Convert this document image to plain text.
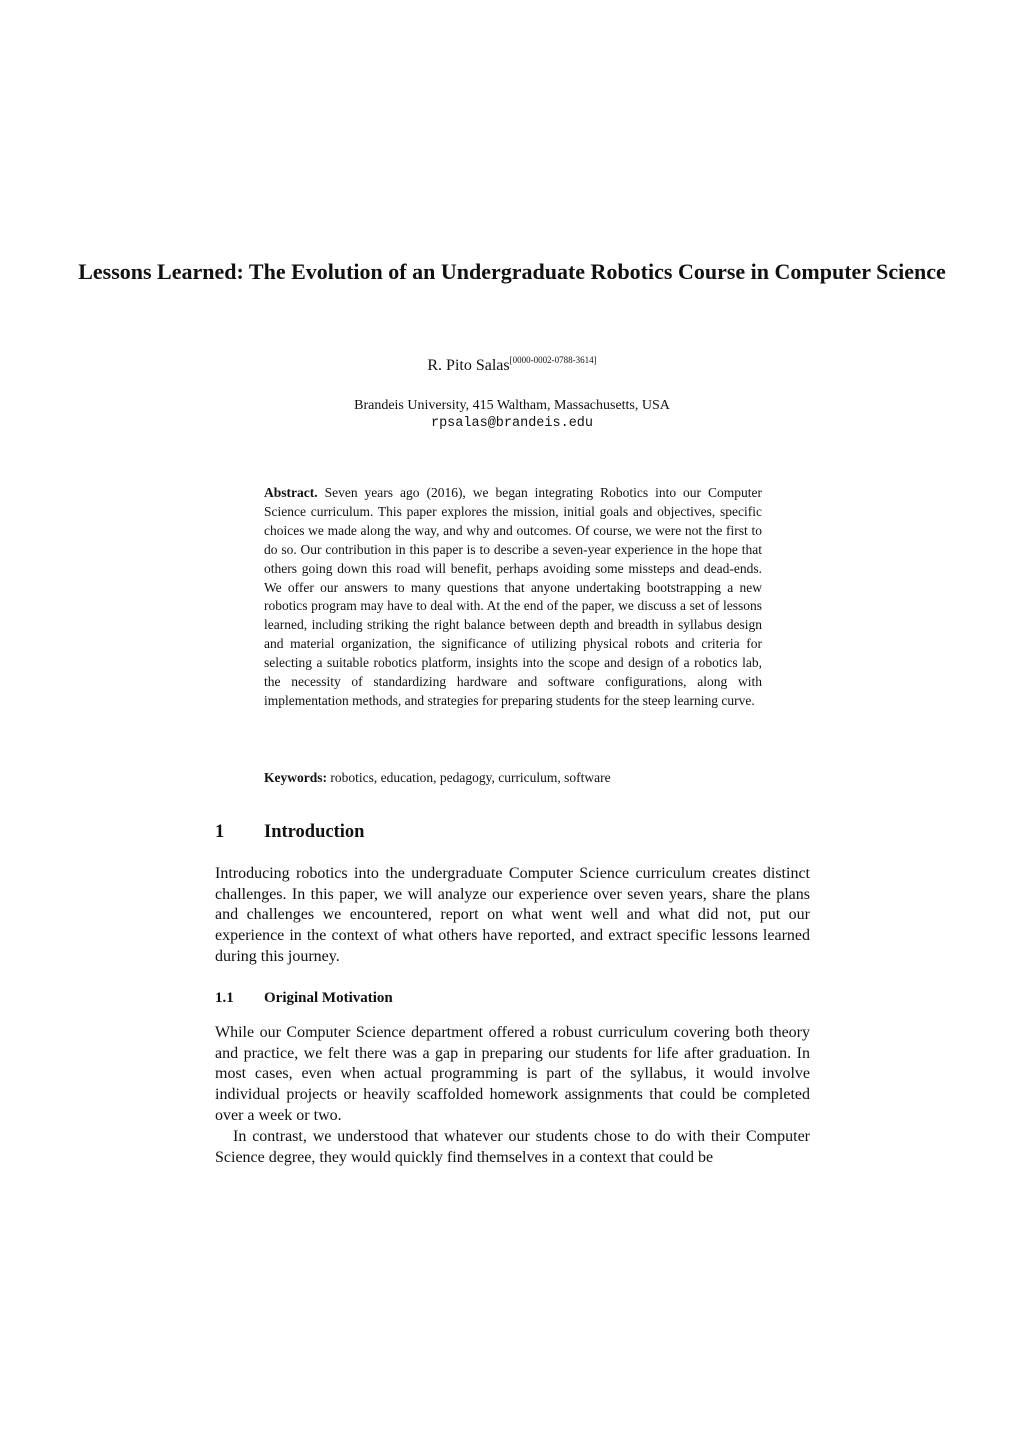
Lessons Learned: The Evolution of an Undergraduate Robotics Course in Computer Science
R. Pito Salas[0000-0002-0788-3614]
Brandeis University, 415 Waltham, Massachusetts, USA
rpsalas@brandeis.edu

Abstract. Seven years ago (2016), we began integrating Robotics into our Computer Science curriculum. This paper explores the mission, initial goals and objectives, specific choices we made along the way, and why and outcomes. Of course, we were not the first to do so. Our contribution in this paper is to describe a seven-year experience in the hope that others going down this road will benefit, perhaps avoiding some missteps and dead-ends. We offer our answers to many questions that anyone undertaking bootstrapping a new robotics program may have to deal with. At the end of the paper, we discuss a set of lessons learned, including striking the right balance between depth and breadth in syllabus design and material organization, the significance of utilizing physical robots and criteria for selecting a suitable robotics platform, insights into the scope and design of a robotics lab, the necessity of standardizing hardware and software configurations, along with implementation methods, and strategies for preparing students for the steep learning curve.

Keywords: robotics, education, pedagogy, curriculum, software

1 Introduction

Introducing robotics into the undergraduate Computer Science curriculum creates distinct challenges. In this paper, we will analyze our experience over seven years, share the plans and challenges we encountered, report on what went well and what did not, put our experience in the context of what others have reported, and extract specific lessons learned during this journey.

1.1 Original Motivation

While our Computer Science department offered a robust curriculum covering both theory and practice, we felt there was a gap in preparing our students for life after graduation. In most cases, even when actual programming is part of the syllabus, it would involve individual projects or heavily scaffolded homework assignments that could be completed over a week or two.

In contrast, we understood that whatever our students chose to do with their Computer Science degree, they would quickly find themselves in a context that could be
